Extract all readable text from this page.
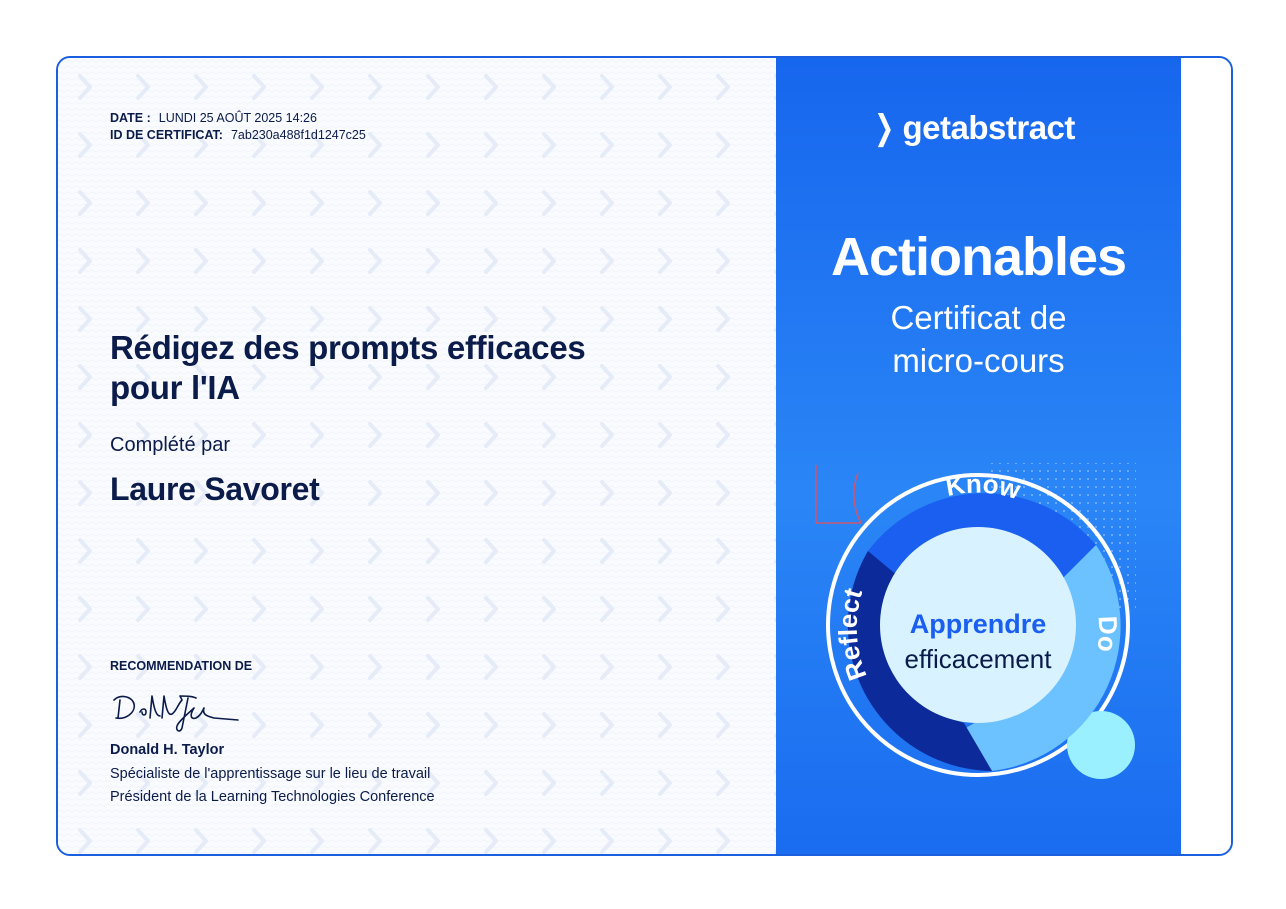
DATE : LUNDI 25 AOÛT 2025 14:26
ID DE CERTIFICAT: 7ab230a488f1d1247c25
Rédigez des prompts efficaces
pour l'IA
Complété par
Laure Savoret
RECOMMENDATION DE
Donald H. Taylor
Spécialiste de l'apprentissage sur le lieu de travail
Président de la Learning Technologies Conference
❯ getabstract
Actionables
Certificat de
micro-cours
Know
Reflect
Do
Apprendre
efficacement
